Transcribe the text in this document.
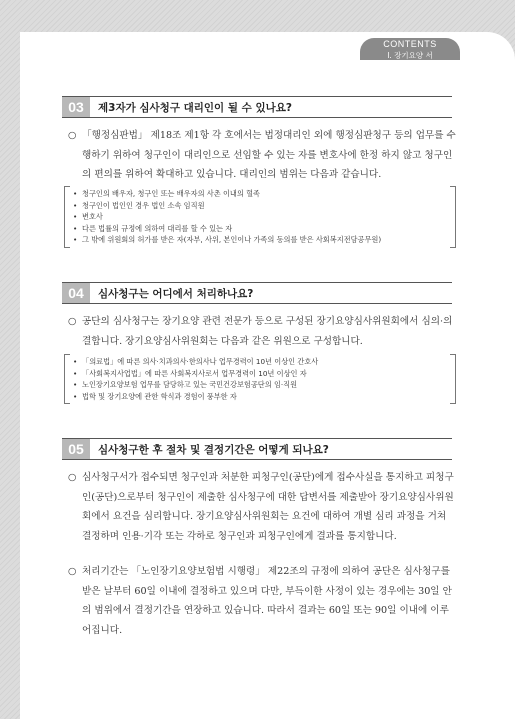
CONTENTS
Ⅰ. 장기요양 서
03	제3자가 심사청구 대리인이 될 수 있나요?
○ 「행정심판법」 제18조 제1항 각 호에서는 법정대리인 외에 행정심판청구 등의 업무를 수행하기 위하여 청구인이 대리인으로 선임할 수 있는 자를 변호사에 한정 하지 않고 청구인의 편의를 위하여 확대하고 있습니다. 대리인의 범위는 다음과 같습니다.
• 청구인의 배우자, 청구인 또는 배우자의 사촌 이내의 혈족
• 청구인이 법인인 경우 법인 소속 임직원
• 변호사
• 다른 법률의 규정에 의하여 대리를 할 수 있는 자
• 그 밖에 위원회의 허가를 받은 자(자부, 사위, 본인이나 가족의 동의를 받은 사회복지전담공무원)
04	심사청구는 어디에서 처리하나요?
○ 공단의 심사청구는 장기요양 관련 전문가 등으로 구성된 장기요양심사위원회에서 심의·의결합니다. 장기요양심사위원회는 다음과 같은 위원으로 구성합니다.
• 「의료법」에 따른 의사·치과의사·한의사나 업무경력이 10년 이상인 간호사
• 「사회복지사업법」에 따른 사회복지사로서 업무경력이 10년 이상인 자
• 노인장기요양보험 업무를 담당하고 있는 국민건강보험공단의 임·직원
• 법학 및 장기요양에 관한 학식과 경험이 풍부한 자
05	심사청구한 후 절차 및 결정기간은 어떻게 되나요?
○ 심사청구서가 접수되면 청구인과 처분한 피청구인(공단)에게 접수사실을 통지하고 피청구인(공단)으로부터 청구인이 제출한 심사청구에 대한 답변서를 제출받아 장기요양심사위원회에서 요건을 심리합니다. 장기요양심사위원회는 요건에 대하여 개별 심리 과정을 거쳐 결정하며 인용·기각 또는 각하로 청구인과 피청구인에게 결과를 통지합니다.
○ 처리기간는 「노인장기요양보험법 시행령」 제22조의 규정에 의하여 공단은 심사청구를 받은 날부터 60일 이내에 결정하고 있으며 다만, 부득이한 사정이 있는 경우에는 30일 안의 범위에서 결정기간을 연장하고 있습니다. 따라서 결과는 60일 또는 90일 이내에 이루어집니다.
